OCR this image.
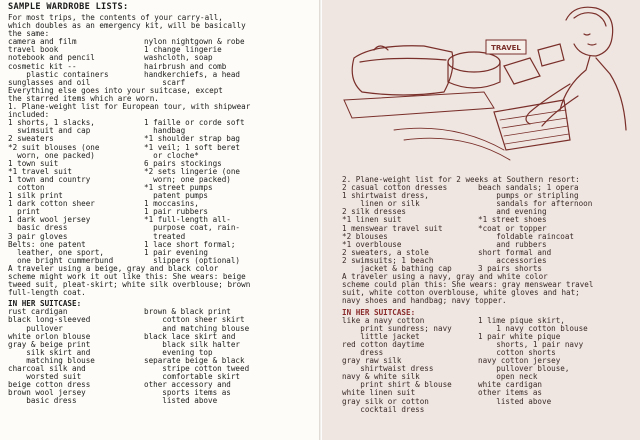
SAMPLE WARDROBE LISTS:

For most trips, the contents of your carry-all,
which doubles as an emergency kit, will be basically
the same:

camera and film
travel book
notebook and pencil
cosmetic kit --
plastic containers
sunglasses and oil
nylon nightgown & robe
1 change lingerie
washcloth, soap
hairbrush and comb
handkerchiefs, a head
scarf

Everything else goes into your suitcase, except
the starred items which are worn.

1. Plane-weight list for European tour, with shipwear
included:

1 shorts, 1 slacks,
swimsuit and cap
2 sweaters
*2 suit blouses (one
worn, one packed)
1 town suit
*1 travel suit
1 town and country
cotton
1 silk print
1 dark cotton sheer
print
1 dark wool jersey
basic dress
3 pair gloves
Belts: one patent
leather, one sport,
one bright cummerbund
1 faille or corde soft
handbag
*1 shoulder strap bag
*1 veil; 1 soft beret
or cloche*
6 pairs stockings
*2 sets lingerie (one
worn; one packed)
*1 street pumps
patent pumps
1 moccasins,
1 pair rubbers
*1 full-length all-
purpose coat, rain-
treated
1 lace short formal;
1 pair evening
slippers (optional)

A traveler using a beige, gray and black color
scheme might work it out like this: She wears: beige
tweed suit, pleat-skirt; white silk overblouse; brown
full-length coat.

IN HER SUITCASE:

rust cardigan
black long-sleeved
pullover
white orlon blouse
gray & beige print
silk skirt and
matching blouse
charcoal silk and
worsted suit
beige cotton dress
brown wool jersey
basic dress
brown & black print
cotton sheer skirt
and matching blouse
black lace skirt and
black silk halter
evening top
separate beige & black
stripe cotton tweed
comfortable skirt
other accessory and
sports items as
listed above
TRAVEL

2. Plane-weight list for 2 weeks at Southern resort:

2 casual cotton dresses
1 shirtwaist dress,
linen or silk
2 silk dresses
*1 linen suit
1 menswear travel suit
*2 blouses
*1 overblouse
2 sweaters, a stole
2 swimsuits; 1 beach
jacket & bathing cap
beach sandals; 1 opera
pumps or stripling
sandals for afternoon
and evening
*1 street shoes
*coat or topper
foldable raincoat
and rubbers
short formal and
accessories
3 pairs shorts

A traveler using a navy, gray and white color
scheme could plan this: She wears: gray menswear travel
suit, white cotton overblouse, white gloves and hat;
navy shoes and handbag; navy topper.

IN HER SUITCASE:

like a navy cotton
print sundress; navy
little jacket
red cotton daytime
dress
gray raw silk
shirtwaist dress
navy & white silk
print shirt & blouse
white linen suit
gray silk or cotton
cocktail dress
1 lime pique skirt,
1 navy cotton blouse
1 pair white pique
shorts, 1 pair navy
cotton shorts
navy cotton jersey
pullover blouse,
open neck
white cardigan
other items as
listed above
